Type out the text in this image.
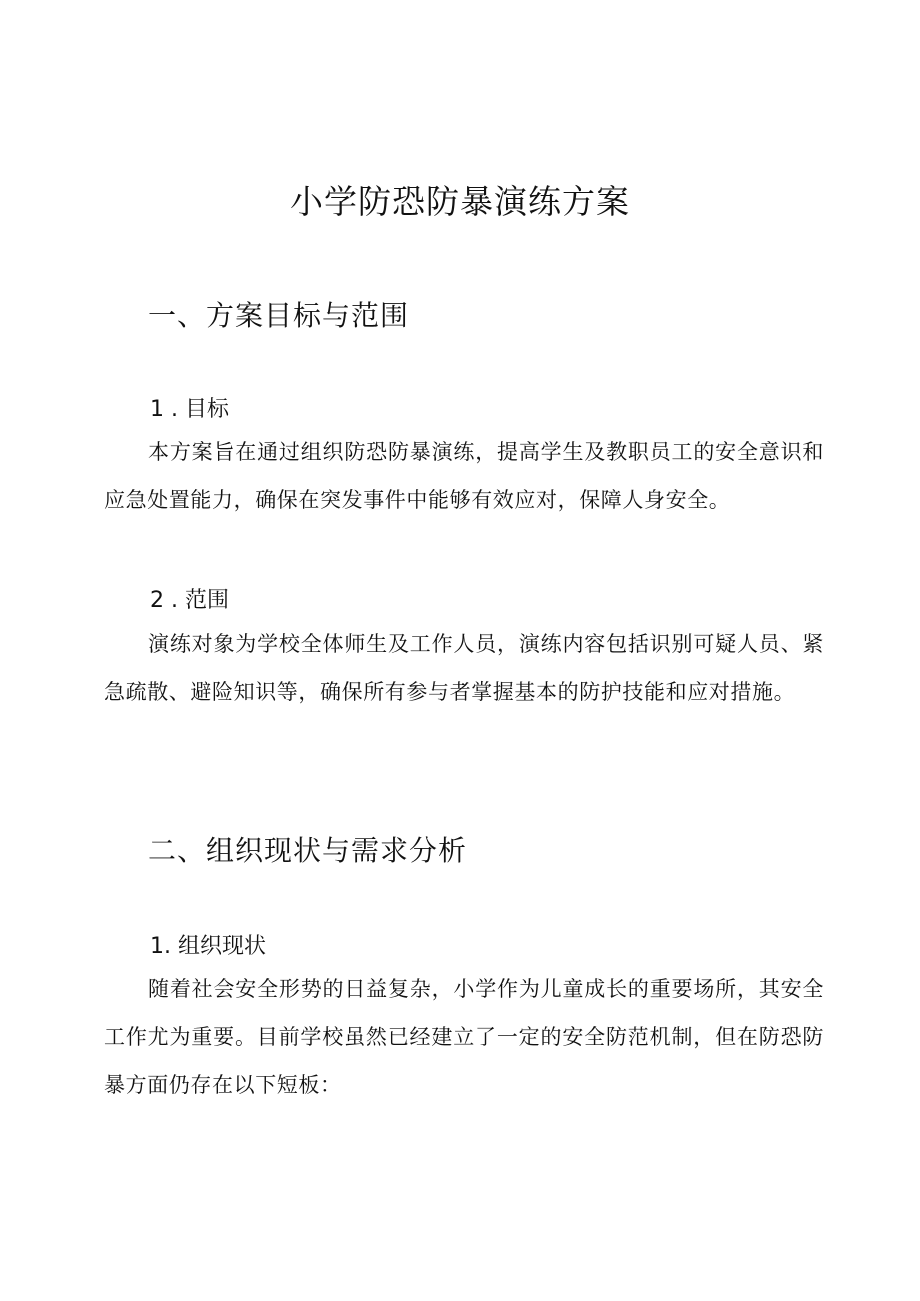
小学防恐防暴演练方案
一、方案目标与范围
1 . 目标
本方案旨在通过组织防恐防暴演练，提高学生及教职员工的安全意识和应急处置能力，确保在突发事件中能够有效应对，保障人身安全。
2 . 范围
演练对象为学校全体师生及工作人员，演练内容包括识别可疑人员、紧急疏散、避险知识等，确保所有参与者掌握基本的防护技能和应对措施。
二、组织现状与需求分析
1. 组织现状
随着社会安全形势的日益复杂，小学作为儿童成长的重要场所，其安全工作尤为重要。目前学校虽然已经建立了一定的安全防范机制，但在防恐防暴方面仍存在以下短板：
